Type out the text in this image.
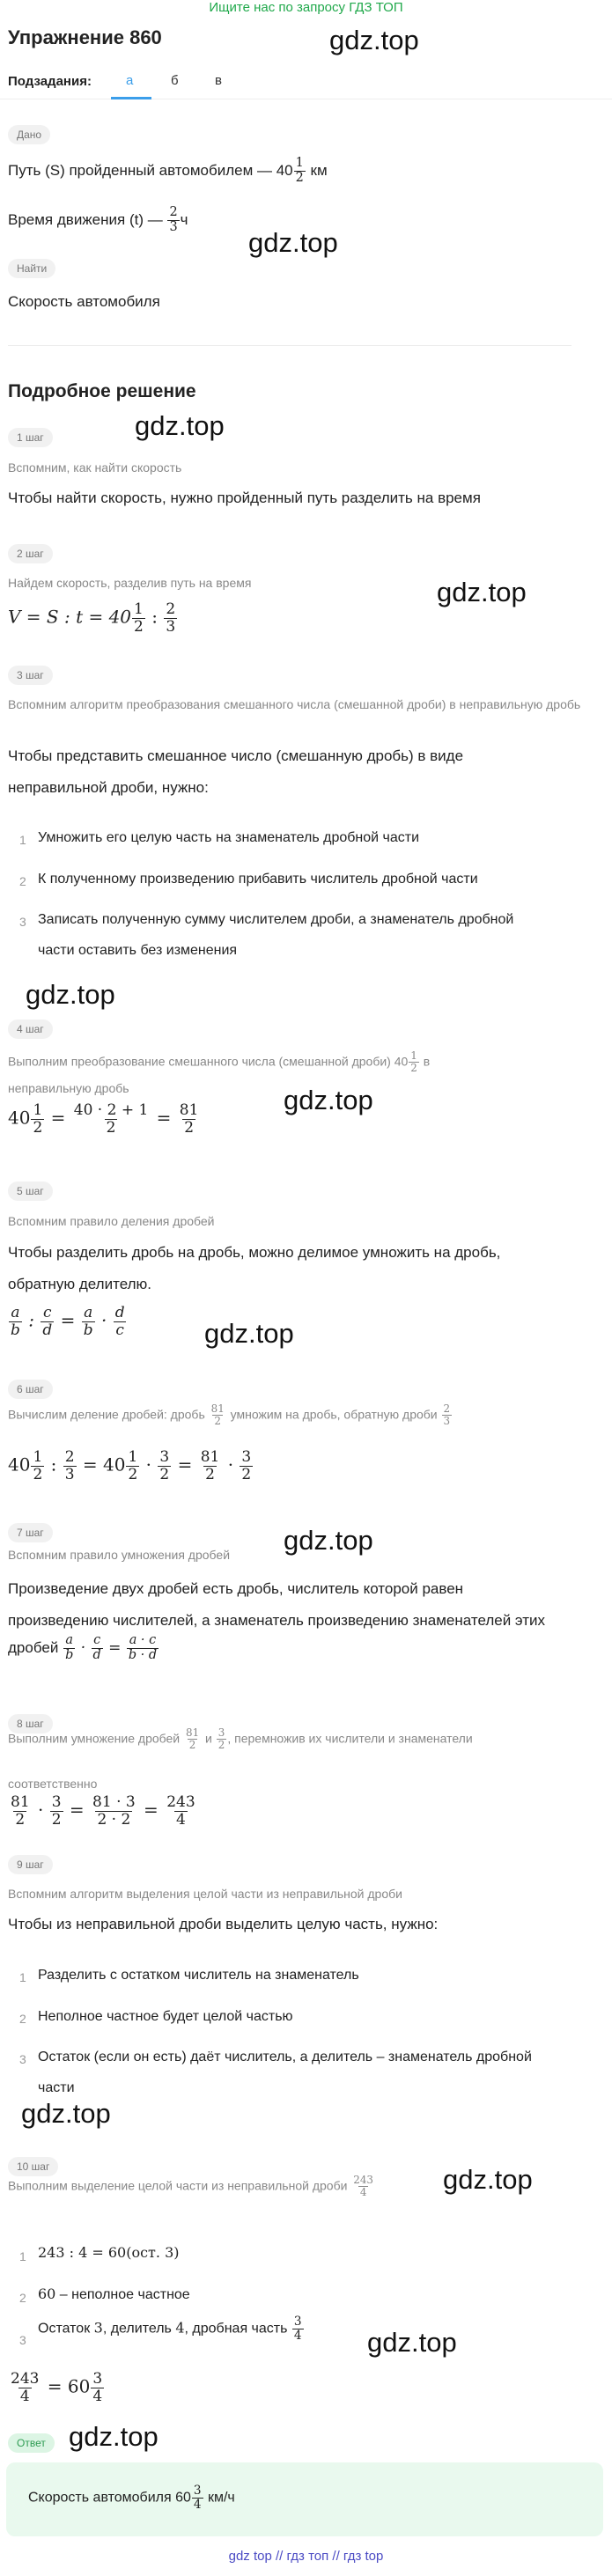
Ищите нас по запросу ГДЗ ТОП
Упражнение 860	gdz.top
gdz.top
gdz.top
gdz.top
gdz.top
gdz.top
gdz.top
gdz.top
gdz.top
gdz.top
gdz.top
gdz.top
Подзадания:	а	б	в
Дано
Путь (S) пройденный автомобилем — $40 \frac{1}{2}$ км
Время движения (t) — $\frac{2}{3}$ ч
Найти
Скорость автомобиля
Подробное решение
1 шаг
Вспомним, как найти скорость
Чтобы найти скорость, нужно пройденный путь разделить на время
2 шаг
Найдем скорость, разделив путь на время
V = S : $t = 40 \frac{1}{2}$ : $\frac{2}{3}$
3 шаг
Вспомним алгоритм преобразования смешанного числа (смешанной дроби) в неправильную дробь
Чтобы представить смешанное число (смешанную дробь) в виде
неправильной дроби, нужно:
1 Умножить его целую часть на знаменатель дробной части
2 К полученному произведению прибавить числитель дробной части
3 Записать полученную сумму числителем дроби, а знаменатель дробной
части оставить без изменения
4 шаг
Выполним преобразование смешанного числа (смешанной дроби) $40 \frac{1}{2}$ в
неправильную дробь
$40 \frac{1}{2} = \frac{40 \cdot 2 + 1}{2} = \frac{81}{2}$
5 шаг
Вспомним правило деления дробей
Чтобы разделить дробь на дробь, можно делимое умножить на дробь,
обратную делителю.
$\frac{a}{b}$ : $\frac{c}{d} = \frac{a}{b} \cdot \frac{d}{c}$
6 шаг
Вычислим деление дробей: дробь $\frac{81}{2}$ умножим на дробь, обратную дроби $\frac{2}{3}$
$40 \frac{1}{2}$ : $\frac{2}{3} = 40 \frac{1}{2} \cdot \frac{3}{2} = \frac{81}{2} \cdot \frac{3}{2}$
7 шаг
Вспомним правило умножения дробей
Произведение двух дробей есть дробь, числитель которой равен
произведению числителей, а знаменатель произведению знаменателей этих
дробей $\frac{a}{b} \cdot \frac{c}{d} = \frac{a \cdot c}{b \cdot d}$
8 шаг
Выполним умножение дробей $\frac{81}{2}$ и $\frac{3}{2}$ , перемножив их числители и знаменатели
соответственно
$\frac{81}{2} \cdot \frac{3}{2} = \frac{81 \cdot 3}{2 \cdot 2} = \frac{243}{4}$
9 шаг
Вспомним алгоритм выделения целой части из неправильной дроби
Чтобы из неправильной дроби выделить целую часть, нужно:
1 Разделить с остатком числитель на знаменатель
2 Неполное частное будет целой частью
3 Остаток (если он есть) даёт числитель, а делитель – знаменатель дробной
части
10 шаг
Выполним выделение целой части из неправильной дроби $\frac{243}{4}$
1 243 : 4 = 60(ост. 3)
2 60 – неполное частное
3
Остаток 3, делитель 4, дробная часть $\frac{3}{4}$
$\frac{243}{4} = 60 \frac{3}{4}$
Ответ
Скорость автомобиля $60 \frac{3}{4} км/ч$
gdz top // гдз топ // гдз top
